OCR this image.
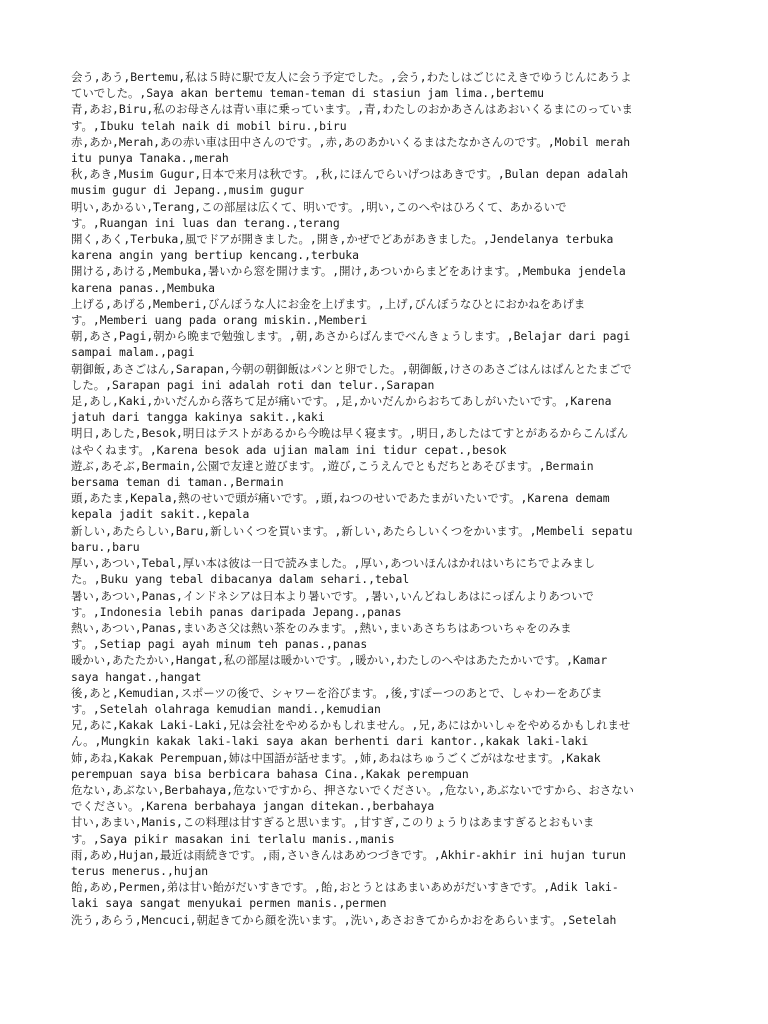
会う,あう,Bertemu,私は５時に駅で友人に会う予定でした。,会う,わたしはごじにえきでゆうじんにあうよ
ていでした。,Saya akan bertemu teman-teman di stasiun jam lima.,bertemu
青,あお,Biru,私のお母さんは青い車に乗っています。,青,わたしのおかあさんはあおいくるまにのっていま
す。,Ibuku telah naik di mobil biru.,biru
赤,あか,Merah,あの赤い車は田中さんのです。,赤,あのあかいくるまはたなかさんのです。,Mobil merah
itu punya Tanaka.,merah
秋,あき,Musim Gugur,日本で来月は秋です。,秋,にほんでらいげつはあきです。,Bulan depan adalah
musim gugur di Jepang.,musim gugur
明い,あかるい,Terang,この部屋は広くて、明いです。,明い,このへやはひろくて、あかるいで
す。,Ruangan ini luas dan terang.,terang
開く,あく,Terbuka,風でドアが開きました。,開き,かぜでどあがあきました。,Jendelanya terbuka
karena angin yang bertiup kencang.,terbuka
開ける,あける,Membuka,暑いから窓を開けます。,開け,あついからまどをあけます。,Membuka jendela
karena panas.,Membuka
上げる,あげる,Memberi,びんぼうな人にお金を上げます。,上げ,びんぼうなひとにおかねをあげま
す。,Memberi uang pada orang miskin.,Memberi
朝,あさ,Pagi,朝から晩まで勉強します。,朝,あさからばんまでべんきょうします。,Belajar dari pagi
sampai malam.,pagi
朝御飯,あさごはん,Sarapan,今朝の朝御飯はパンと卵でした。,朝御飯,けさのあさごはんはぱんとたまごで
した。,Sarapan pagi ini adalah roti dan telur.,Sarapan
足,あし,Kaki,かいだんから落ちて足が痛いです。,足,かいだんからおちてあしがいたいです。,Karena
jatuh dari tangga kakinya sakit.,kaki
明日,あした,Besok,明日はテストがあるから今晩は早く寝ます。,明日,あしたはてすとがあるからこんばん
はやくねます。,Karena besok ada ujian malam ini tidur cepat.,besok
遊ぶ,あそぶ,Bermain,公園で友達と遊びます。,遊び,こうえんでともだちとあそびます。,Bermain
bersama teman di taman.,Bermain
頭,あたま,Kepala,熱のせいで頭が痛いです。,頭,ねつのせいであたまがいたいです。,Karena demam
kepala jadit sakit.,kepala
新しい,あたらしい,Baru,新しいくつを買います。,新しい,あたらしいくつをかいます。,Membeli sepatu
baru.,baru
厚い,あつい,Tebal,厚い本は彼は一日で読みました。,厚い,あついほんはかれはいちにちでよみまし
た。,Buku yang tebal dibacanya dalam sehari.,tebal
暑い,あつい,Panas,インドネシアは日本より暑いです。,暑い,いんどねしあはにっぽんよりあついで
す。,Indonesia lebih panas daripada Jepang.,panas
熱い,あつい,Panas,まいあさ父は熱い茶をのみます。,熱い,まいあさちちはあついちゃをのみま
す。,Setiap pagi ayah minum teh panas.,panas
暖かい,あたたかい,Hangat,私の部屋は暖かいです。,暖かい,わたしのへやはあたたかいです。,Kamar
saya hangat.,hangat
後,あと,Kemudian,スポーツの後で、シャワーを浴びます。,後,すぽーつのあとで、しゃわーをあびま
す。,Setelah olahraga kemudian mandi.,kemudian
兄,あに,Kakak Laki-Laki,兄は会社をやめるかもしれません。,兄,あにはかいしゃをやめるかもしれませ
ん。,Mungkin kakak laki-laki saya akan berhenti dari kantor.,kakak laki-laki
姉,あね,Kakak Perempuan,姉は中国語が話せます。,姉,あねはちゅうごくごがはなせます。,Kakak
perempuan saya bisa berbicara bahasa Cina.,Kakak perempuan
危ない,あぶない,Berbahaya,危ないですから、押さないでください。,危ない,あぶないですから、おさない
でください。,Karena berbahaya jangan ditekan.,berbahaya
甘い,あまい,Manis,この料理は甘すぎると思います。,甘すぎ,このりょうりはあますぎるとおもいま
す。,Saya pikir masakan ini terlalu manis.,manis
雨,あめ,Hujan,最近は雨続きです。,雨,さいきんはあめつづきです。,Akhir-akhir ini hujan turun
terus menerus.,hujan
飴,あめ,Permen,弟は甘い飴がだいすきです。,飴,おとうとはあまいあめがだいすきです。,Adik laki-
laki saya sangat menyukai permen manis.,permen
洗う,あらう,Mencuci,朝起きてから顔を洗います。,洗い,あさおきてからかおをあらいます。,Setelah
